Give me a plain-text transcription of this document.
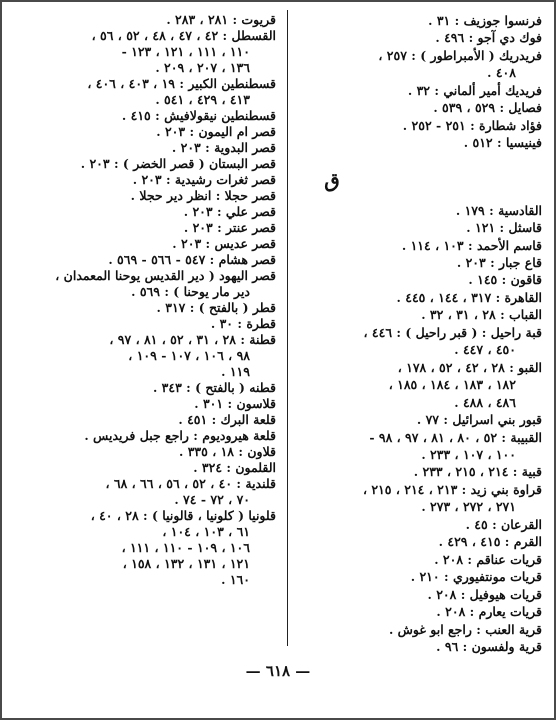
فرنسوا جوزيف : ٣١ .
فوك دي آجو : ٤٩٦ .
فريدريك ( الأمبراطور ) : ٢٥٧ ،
٤٠٨ .
فريديك أمير ألماني : ٣٢ .
فصايل : ٥٢٩ ، ٥٣٩ .
فؤاد شطارة : ٢٥١ - ٢٥٢ .
فينيسيا : ٥١٢ .
ق
القادسية : ١٧٩ .
قاسثل : ١٢١ .
قاسم الأحمد : ١٠٣ ، ١١٤ .
قاع جبار : ٢٠٣ .
قاقون : ١٤٥ .
القاهرة : ٣١٧ ، ١٤٤ ، ٤٤٥ .
القباب : ٢٨ ، ٣١ ، ٣٢ .
قبة راحيل : ( قبر راحيل ) : ٤٤٦ ،
٤٥٠ ، ٤٤٧ .
القبو : ٢٨ ، ٤٢ ، ٥٢ ، ١٧٨ ،
١٨٢ ، ١٨٣ ، ١٨٤ ، ١٨٥ ،
٤٨٦ ، ٤٨٨ .
قبور بني اسرائيل : ٧٧ .
القبيبة : ٥٢ ، ٨٠ ، ٨١ ، ٩٧ ، ٩٨ -
١٠٠ ، ١٠٧ ، ٢٣٣ .
قبية : ٢١٤ ، ٢١٥ ، ٢٣٣ .
قراوة بني زيد : ٢١٣ ، ٢١٤ ، ٢١٥ ،
٢٧١ ، ٢٧٢ ، ٢٧٣ .
القرعان : ٤٥ .
القرم : ٤١٥ ، ٤٢٩ .
قريات عناقم : ٢٠٨ .
قريات مونتفيوري : ٢١٠ .
قريات هيوفيل : ٢٠٨ .
قريات يعارم : ٢٠٨ .
قرية العنب : راجع ابو غوش .
قرية ولفسون : ٩٦ .
قريوت : ٢٨١ ، ٢٨٣ .
القسطل : ٤٢ ، ٤٧ ، ٤٨ ، ٥٢ ، ٥٦ ،
١١٠ ، ١١١ ، ١٢١ ، ١٢٣ -
١٣٦ ، ٢٠٧ ، ٢٠٩ .
قسطنطين الكبير : ١٩ ، ٤٠٣ ، ٤٠٦ ،
٤١٣ ، ٤٢٩ ، ٥٤١ .
قسطنطين نيقولافيش : ٤١٥ .
قصر ام اليمون : ٢٠٣ .
قصر البدوية : ٢٠٣ .
قصر البستان ( قصر الخضر ) : ٢٠٣ .
قصر ثغرات رشيدية : ٢٠٣ .
قصر حجلا : انظر دير حجلا .
قصر علي : ٢٠٣ .
قصر عنتر : ٢٠٣ .
قصر عديس : ٢٠٣ .
قصر هشام : ٥٤٧ - ٥٦٦ - ٥٦٩ .
قصر اليهود ( دير القديس يوحنا المعمدان ،
دير مار يوحنا ) : ٥٦٩ .
قطر ( بالفتح ) : ٣١٧ .
قطرة : ٣٠ .
قطنة : ٢٨ ، ٣١ ، ٥٢ ، ٨١ ، ٩٧ ،
٩٨ ، ١٠٦ ، ١٠٧ - ١٠٩ ،
١١٩ .
قطنه ( بالفتح ) : ٣٤٣ .
قلاسون : ٣٠١ .
قلعة البرك : ٤٥١ .
قلعة هيروديوم : راجع جبل فريديس .
قلاون : ١٨ ، ٣٣٥ .
القلمون : ٣٢٤ .
قلندية : ٤٠ ، ٥٢ ، ٥٦ ، ٦٦ ، ٦٨ ،
٧٠ ، ٧٢ - ٧٤ .
قلونيا ( كلونيا ، قالونيا ) : ٢٨ ، ٤٠ ،
٦١ ، ١٠٣ ، ١٠٤ ،
١٠٦ ، ١٠٩ - ١١٠ ، ١١١ ،
١٢١ ، ١٣١ ، ١٣٢ ، ١٥٨ ،
١٦٠ .
— ٦١٨ —
